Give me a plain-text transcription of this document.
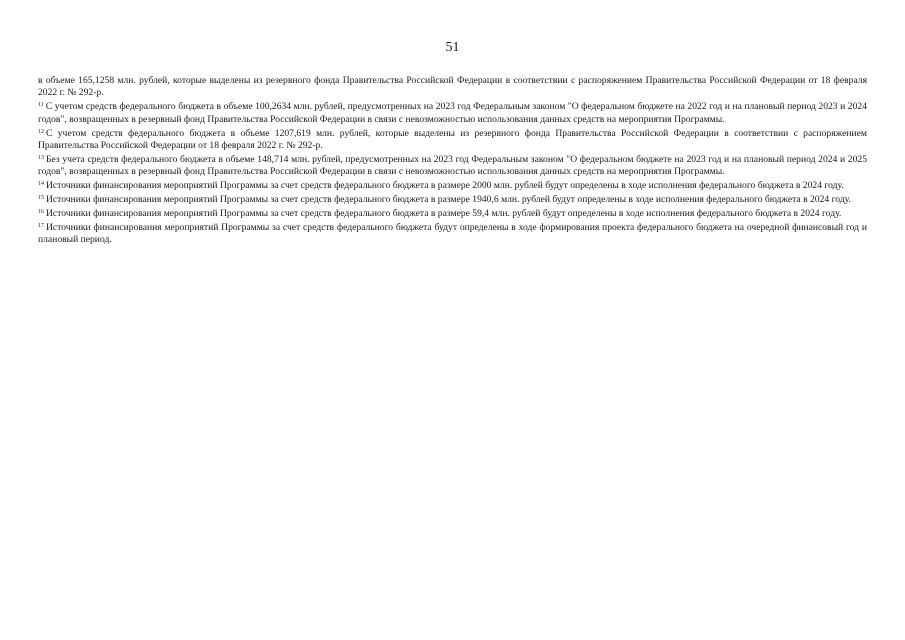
51

в объеме 165,1258 млн. рублей, которые выделены из резервного фонда Правительства Российской Федерации в соответствии с распоряжением Правительства Российской Федерации от 18 февраля 2022 г. № 292-р.

$^{11}$ С учетом средств федерального бюджета в объеме 100,2634 млн. рублей, предусмотренных на 2023 год Федеральным законом "О федеральном бюджете на 2022 год и на плановый период 2023 и 2024 годов", возвращенных в резервный фонд Правительства Российской Федерации в связи с невозможностью использования данных средств на мероприятия Программы.

$^{12}$ С учетом средств федерального бюджета в объеме 1207,619 млн. рублей, которые выделены из резервного фонда Правительства Российской Федерации в соответствии с распоряжением Правительства Российской Федерации от 18 февраля 2022 г. № 292-р.

$^{13}$ Без учета средств федерального бюджета в объеме 148,714 млн. рублей, предусмотренных на 2023 год Федеральным законом "О федеральном бюджете на 2023 год и на плановый период 2024 и 2025 годов", возвращенных в резервный фонд Правительства Российской Федерации в связи с невозможностью использования данных средств на мероприятия Программы.

$^{14}$ Источники финансирования мероприятий Программы за счет средств федерального бюджета в размере 2000 млн. рублей будут определены в ходе исполнения федерального бюджета в 2024 году.

$^{15}$ Источники финансирования мероприятий Программы за счет средств федерального бюджета в размере 1940,6 млн. рублей будут определены в ходе исполнения федерального бюджета в 2024 году.

$^{16}$ Источники финансирования мероприятий Программы за счет средств федерального бюджета в размере 59,4 млн. рублей будут определены в ходе исполнения федерального бюджета в 2024 году.

$^{17}$ Источники финансирования мероприятий Программы за счет средств федерального бюджета будут определены в ходе формирования проекта федерального бюджета на очередной финансовый год и плановый период.
